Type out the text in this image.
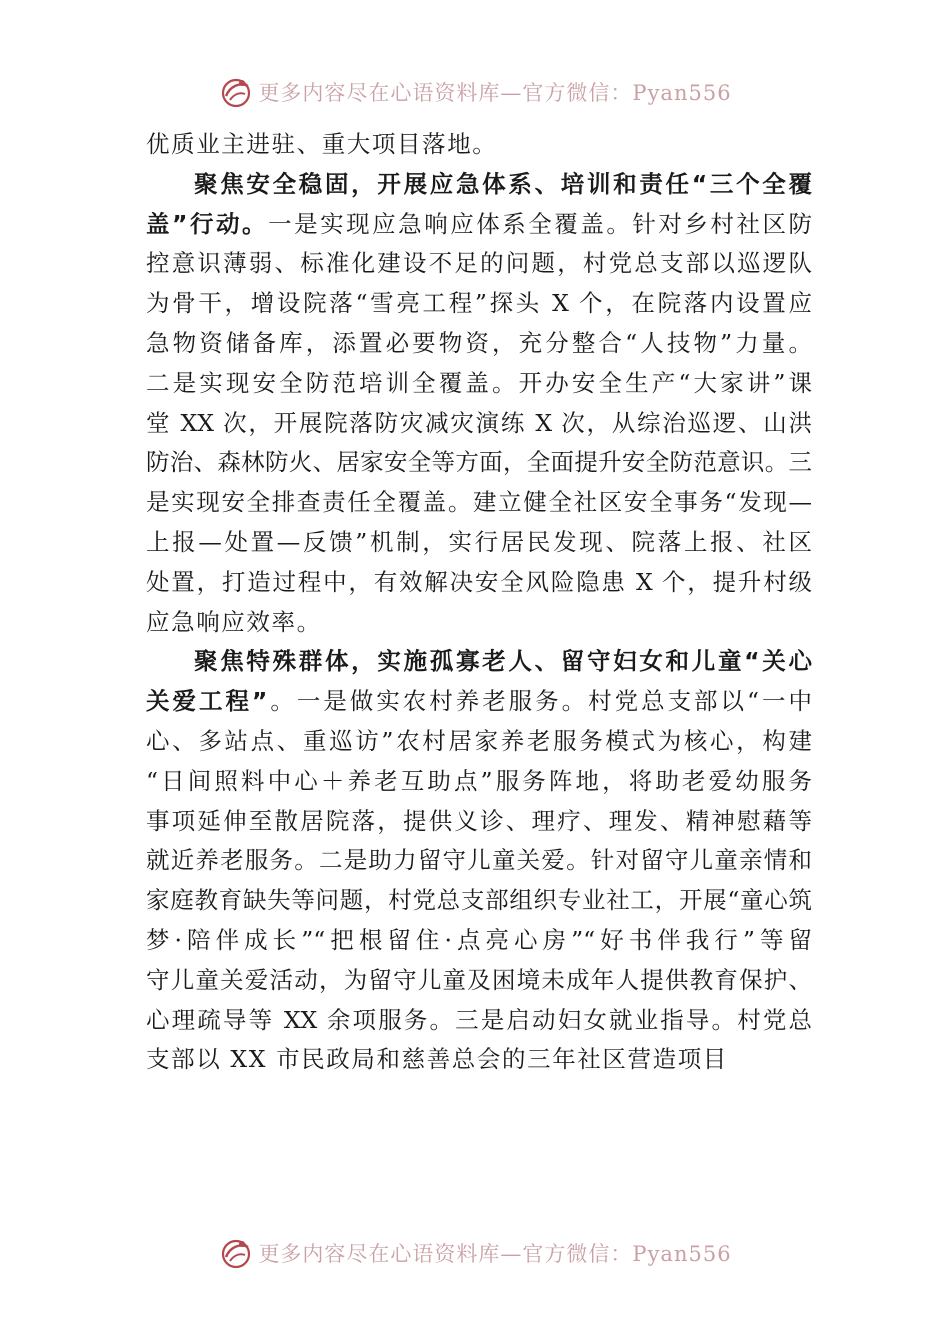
更多内容尽在心语资料库—官方微信：Pyan556
优质业主进驻、重大项目落地。
聚焦安全稳固，开展应急体系、培训和责任“三个全覆
盖”行动。一是实现应急响应体系全覆盖。针对乡村社区防
控意识薄弱、标准化建设不足的问题，村党总支部以巡逻队
为骨干，增设院落“雪亮工程”探头 X 个，在院落内设置应
急物资储备库，添置必要物资，充分整合“人技物”力量。
二是实现安全防范培训全覆盖。开办安全生产“大家讲”课
堂 XX 次，开展院落防灾减灾演练 X 次，从综治巡逻、山洪
防治、森林防火、居家安全等方面，全面提升安全防范意识。三
是实现安全排查责任全覆盖。建立健全社区安全事务“发现—
上报—处置—反馈”机制，实行居民发现、院落上报、社区
处置，打造过程中，有效解决安全风险隐患 X 个，提升村级
应急响应效率。
聚焦特殊群体，实施孤寡老人、留守妇女和儿童“关心
关爱工程”。一是做实农村养老服务。村党总支部以“一中
心、多站点、重巡访”农村居家养老服务模式为核心，构建
“日间照料中心＋养老互助点”服务阵地，将助老爱幼服务
事项延伸至散居院落，提供义诊、理疗、理发、精神慰藉等
就近养老服务。二是助力留守儿童关爱。针对留守儿童亲情和
家庭教育缺失等问题，村党总支部组织专业社工，开展“童心筑
梦·陪伴成长”“把根留住·点亮心房”“好书伴我行”等留
守儿童关爱活动，为留守儿童及困境未成年人提供教育保护、
心理疏导等 XX 余项服务。三是启动妇女就业指导。村党总
支部以 XX 市民政局和慈善总会的三年社区营造项目
更多内容尽在心语资料库—官方微信：Pyan556
